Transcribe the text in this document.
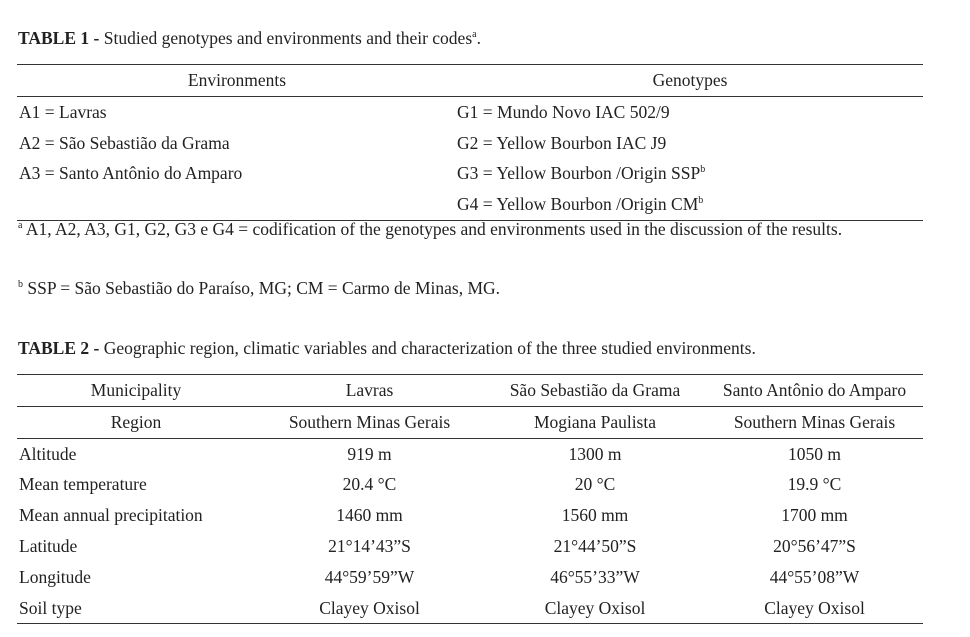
TABLE 1 - Studied genotypes and environments and their codes$^a$.
Environments	Genotypes
A1 = Lavras	G1 = Mundo Novo IAC 502/9
A2 = São Sebastião da Grama	G2 = Yellow Bourbon IAC J9
A3 = Santo Antônio do Amparo	G3 = Yellow Bourbon /Origin SSP$^b$
	G4 = Yellow Bourbon /Origin $CM^b$
$^a$ A1, A2, A3, G1, G2, G3 e G4 = codification of the genotypes and environments used in the discussion of the results.
$^b$ SSP = São Sebastião do Paraíso, MG; CM = Carmo de Minas, MG.
TABLE 2 - Geographic region, climatic variables and characterization of the three studied environments.
Municipality	Lavras	São Sebastião da Grama	Santo Antônio do Amparo
Region	Southern Minas Gerais	Mogiana Paulista	Southern Minas Gerais
Altitude	919 m	1300 m	1050 m
Mean temperature	20.4 °C	20 °C	19.9 °C
Mean annual precipitation	1460 mm	1560 mm	1700 mm
Latitude	21°14’43”S	21°44’50”S	20°56’47”S
Longitude	44°59’59”W	46°55’33”W	44°55’08”W
Soil type	Clayey Oxisol	Clayey Oxisol	Clayey Oxisol
